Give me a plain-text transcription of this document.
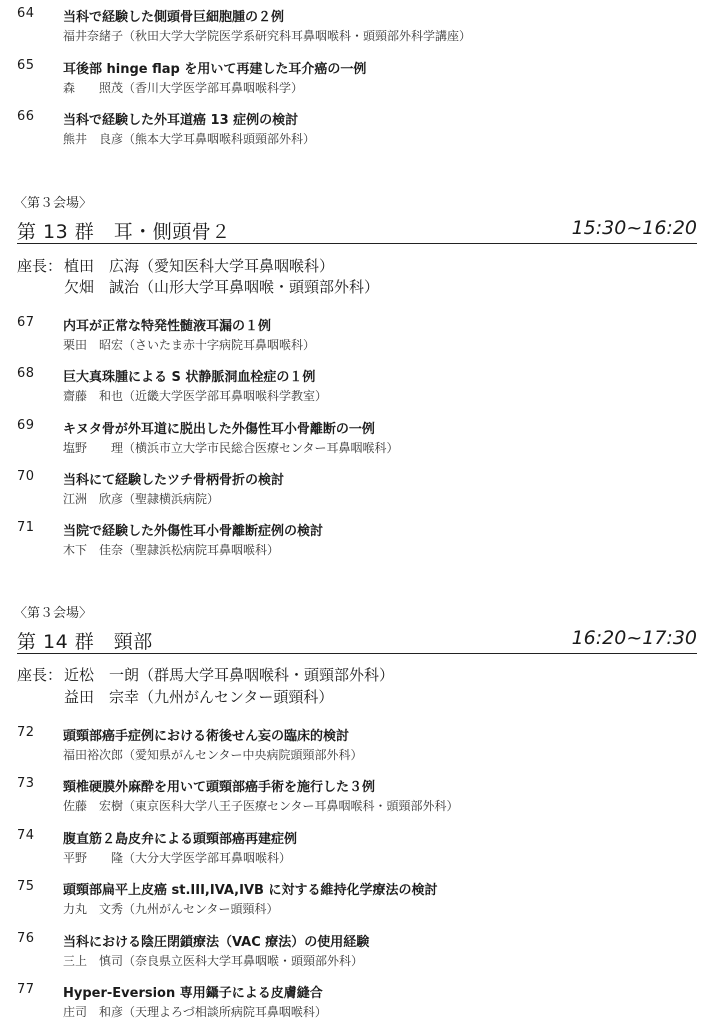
64 当科で経験した側頭骨巨細胞腫の２例
福井奈緒子（秋田大学大学院医学系研究科耳鼻咽喉科・頭頸部外科学講座）
65 耳後部 hinge flap を用いて再建した耳介癌の一例
森　　照茂（香川大学医学部耳鼻咽喉科学）
66 当科で経験した外耳道癌 13 症例の検討
熊井　良彦（熊本大学耳鼻咽喉科頭頸部外科）
〈第３会場〉
第 13 群　耳・側頭骨２	15:30~16:20
座長： 植田　広海（愛知医科大学耳鼻咽喉科）
欠畑　誠治（山形大学耳鼻咽喉・頭頸部外科）
67 内耳が正常な特発性髄液耳漏の１例
栗田　昭宏（さいたま赤十字病院耳鼻咽喉科）
68 巨大真珠腫による S 状静脈洞血栓症の１例
齋藤　和也（近畿大学医学部耳鼻咽喉科学教室）
69 キヌタ骨が外耳道に脱出した外傷性耳小骨離断の一例
塩野　　理（横浜市立大学市民総合医療センター耳鼻咽喉科）
70 当科にて経験したツチ骨柄骨折の検討
江洲　欣彦（聖隷横浜病院）
71 当院で経験した外傷性耳小骨離断症例の検討
木下　佳奈（聖隷浜松病院耳鼻咽喉科）
〈第３会場〉
第 14 群　頸部	16:20~17:30
座長： 近松　一朗（群馬大学耳鼻咽喉科・頭頸部外科）
益田　宗幸（九州がんセンター頭頸科）
72 頭頸部癌手症例における術後せん妄の臨床的検討
福田裕次郎（愛知県がんセンター中央病院頭頸部外科）
73 頸椎硬膜外麻酔を用いて頭頸部癌手術を施行した３例
佐藤　宏樹（東京医科大学八王子医療センター耳鼻咽喉科・頭頸部外科）
74 腹直筋２島皮弁による頭頸部癌再建症例
平野　　隆（大分大学医学部耳鼻咽喉科）
75 頭頸部扁平上皮癌 st.III,IVA,IVB に対する維持化学療法の検討
力丸　文秀（九州がんセンター頭頸科）
76 当科における陰圧閉鎖療法（VAC 療法）の使用経験
三上　慎司（奈良県立医科大学耳鼻咽喉・頭頸部外科）
77 Hyper-Eversion 専用鑷子による皮膚縫合
庄司　和彦（天理よろづ相談所病院耳鼻咽喉科）
